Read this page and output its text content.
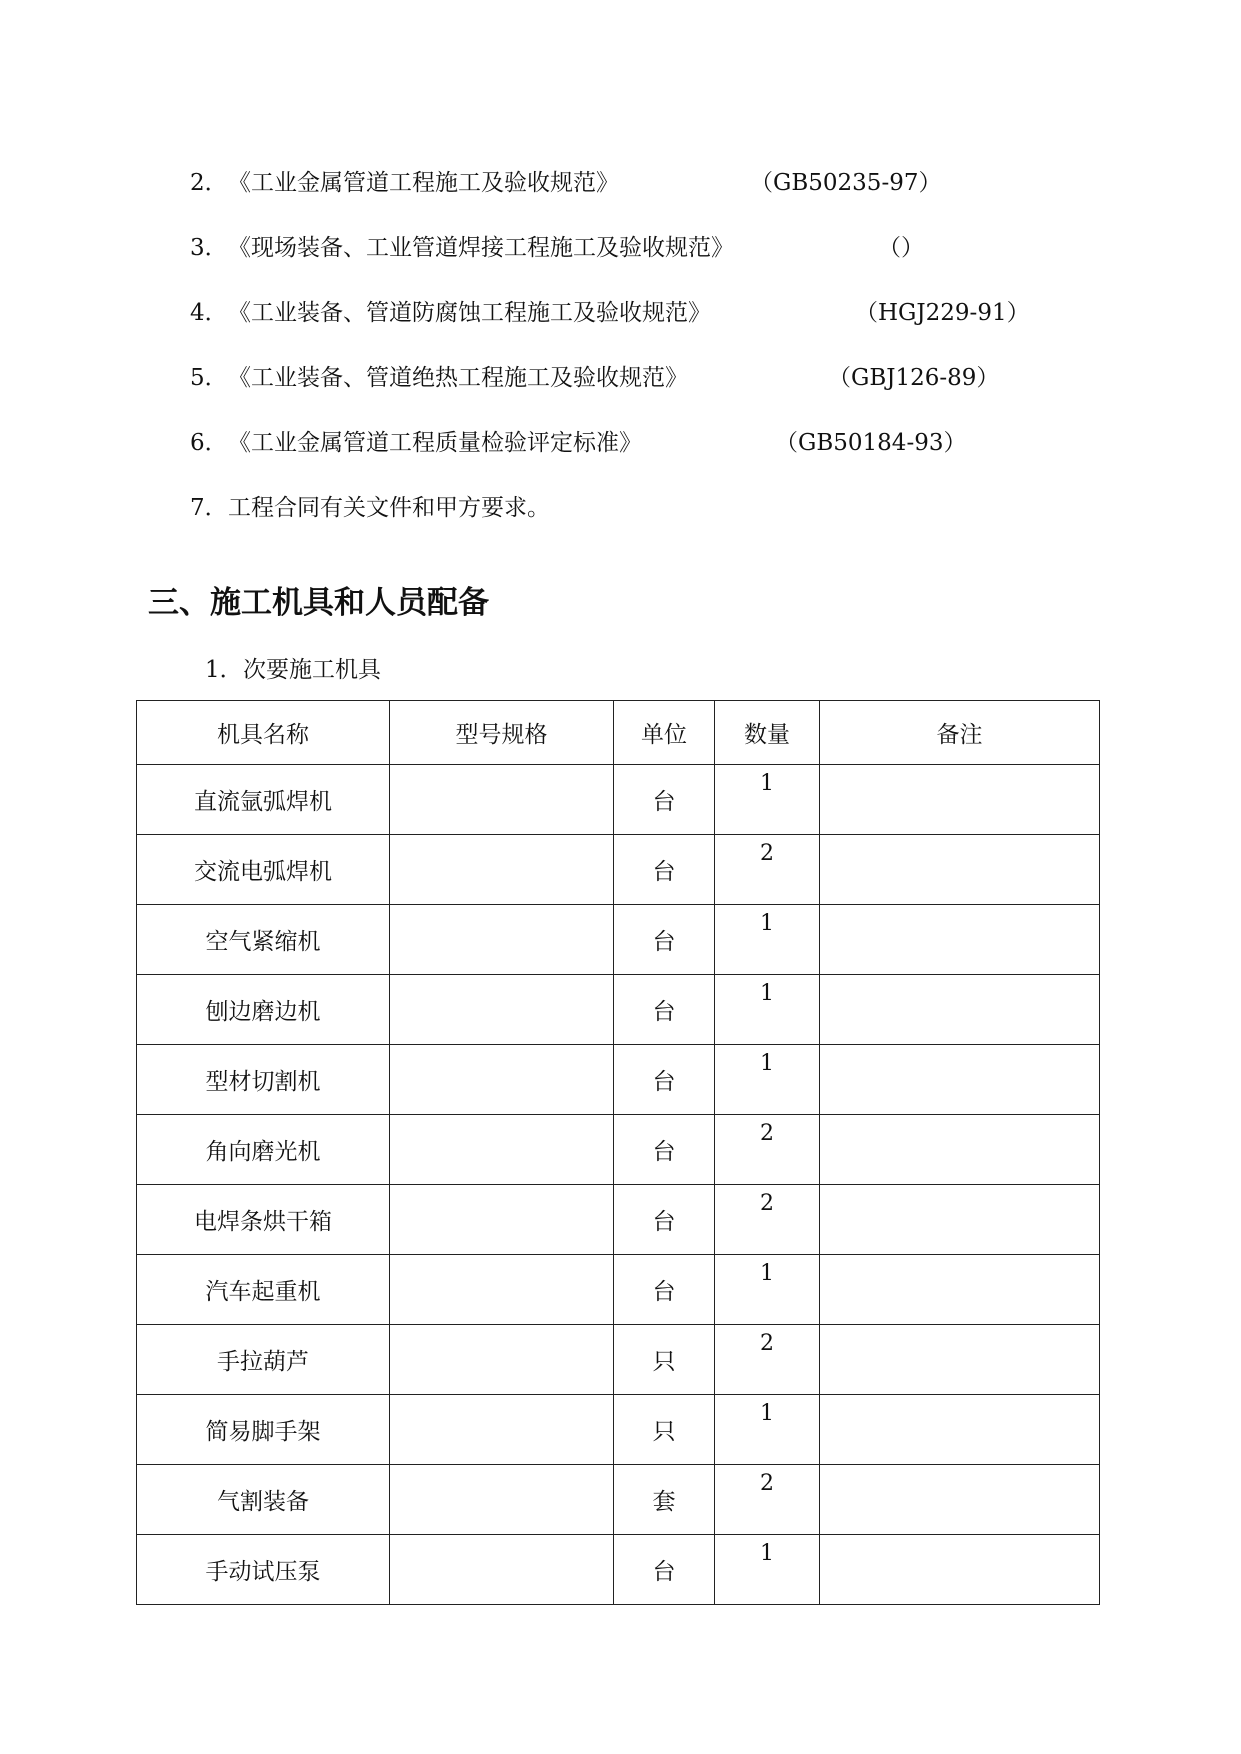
2．《工业金属管道工程施工及验收规范》	（GB50235-97）
3．《现场装备、工业管道焊接工程施工及验收规范》	（）
4．《工业装备、管道防腐蚀工程施工及验收规范》	（HGJ229-91）
5．《工业装备、管道绝热工程施工及验收规范》	（GBJ126-89）
6．《工业金属管道工程质量检验评定标准》	（GB50184-93）
7．工程合同有关文件和甲方要求。
三、施工机具和人员配备
1．次要施工机具
机具名称	型号规格	单位	数量	备注
直流氩弧焊机		台	1	
交流电弧焊机		台	2	
空气紧缩机		台	1	
刨边磨边机		台	1	
型材切割机		台	1	
角向磨光机		台	2	
电焊条烘干箱		台	2	
汽车起重机		台	1	
手拉葫芦		只	2	
简易脚手架		只	1	
气割装备		套	2	
手动试压泵		台	1	
